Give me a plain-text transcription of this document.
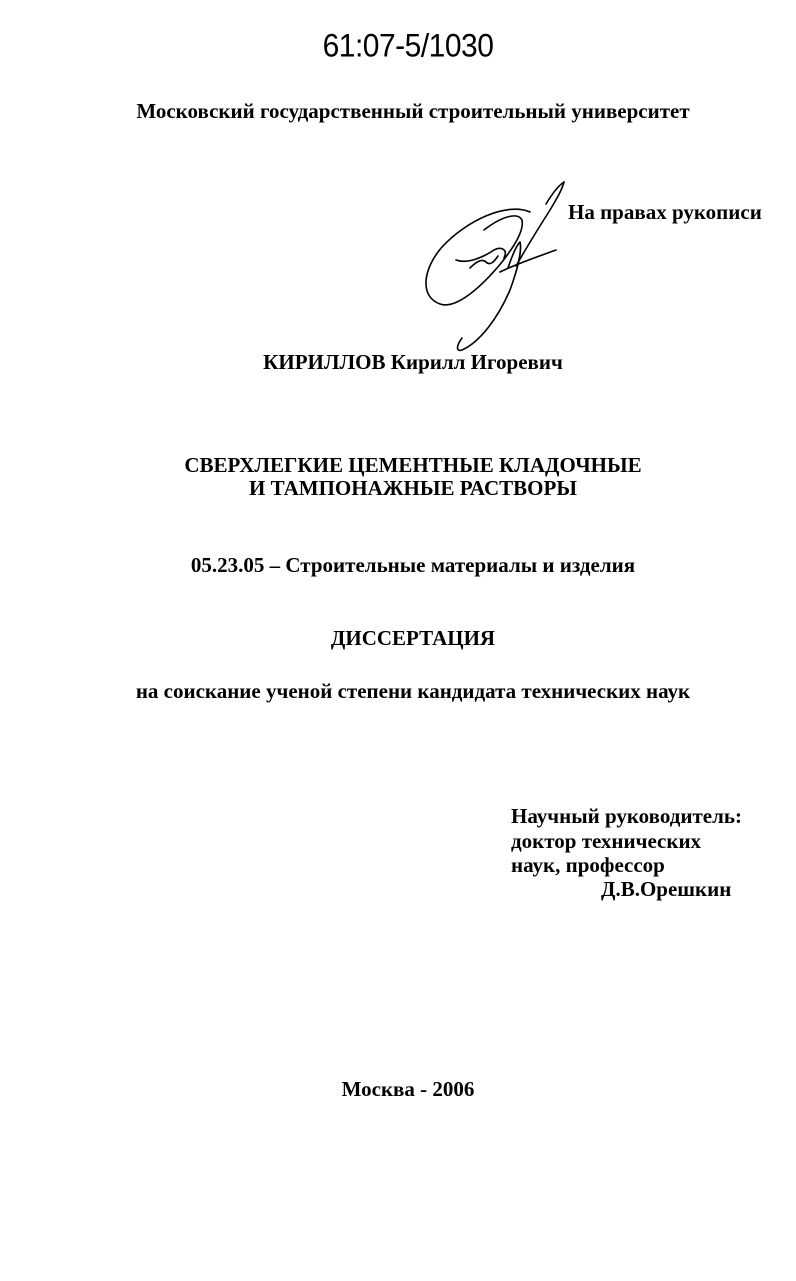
61:07-5/1030
Московский государственный строительный университет
На правах рукописи
КИРИЛЛОВ Кирилл Игоревич
СВЕРХЛЕГКИЕ ЦЕМЕНТНЫЕ КЛАДОЧНЫЕ
И ТАМПОНАЖНЫЕ РАСТВОРЫ
05.23.05 – Строительные материалы и изделия
ДИССЕРТАЦИЯ
на соискание ученой степени кандидата технических наук
Научный руководитель:
доктор технических
наук, профессор
Д.В.Орешкин
Москва - 2006
